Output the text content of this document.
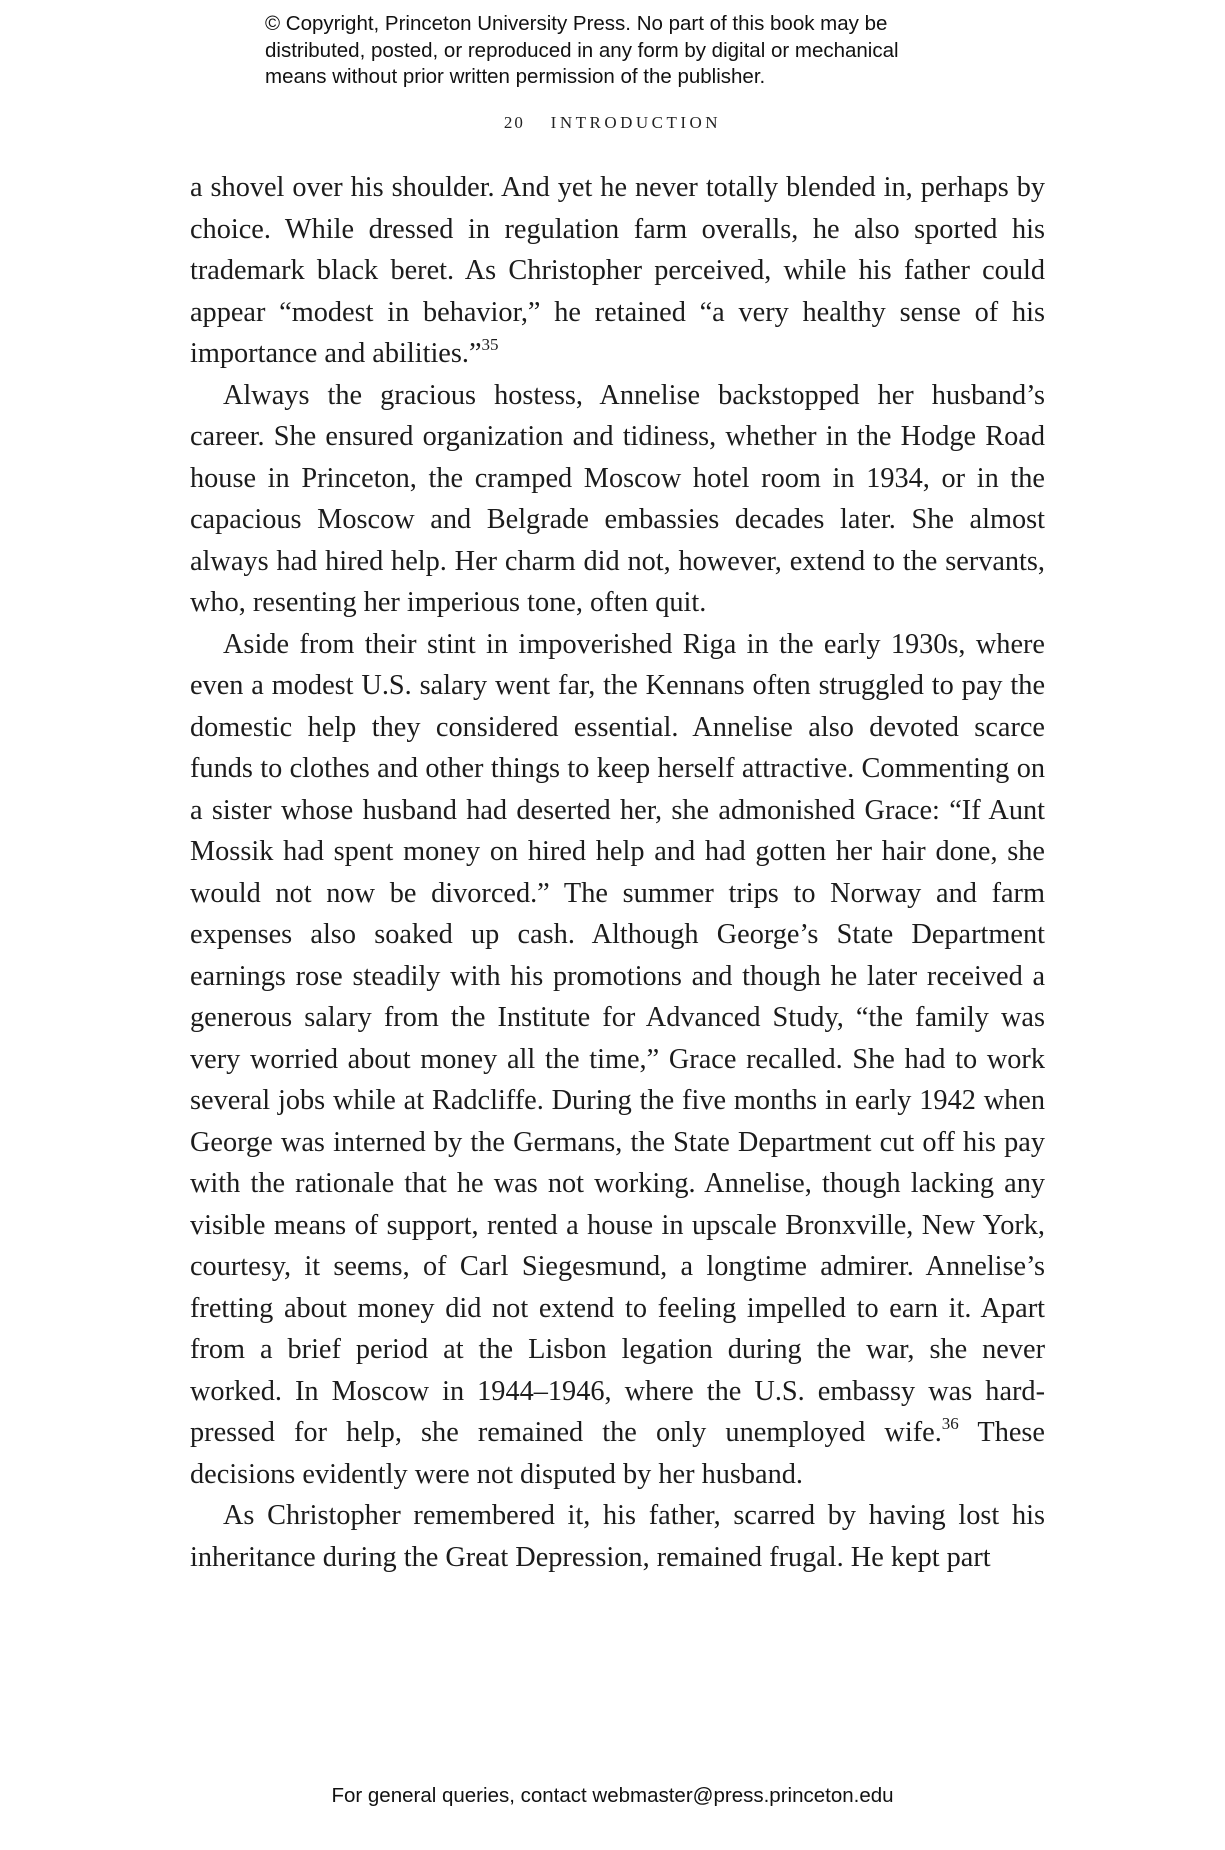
© Copyright, Princeton University Press. No part of this book may be
distributed, posted, or reproduced in any form by digital or mechanical
means without prior written permission of the publisher.
20 INTRODUCTION

a shovel over his shoulder. And yet he never totally blended in, perhaps by choice. While dressed in regulation farm overalls, he also sported his trademark black beret. As Christopher perceived, while his father could appear “modest in behavior,” he retained “a very healthy sense of his importance and abilities.”$^{35}$

Always the gracious hostess, Annelise backstopped her husband’s career. She ensured organization and tidiness, whether in the Hodge Road house in Princeton, the cramped Moscow hotel room in 1934, or in the capacious Moscow and Belgrade embassies decades later. She almost always had hired help. Her charm did not, however, extend to the servants, who, resenting her imperious tone, often quit.

Aside from their stint in impoverished Riga in the early 1930s, where even a modest U.S. salary went far, the Kennans often struggled to pay the domestic help they considered essential. Annelise also devoted scarce funds to clothes and other things to keep herself attractive. Commenting on a sister whose husband had deserted her, she admonished Grace: “If Aunt Mossik had spent money on hired help and had gotten her hair done, she would not now be divorced.” The summer trips to Norway and farm expenses also soaked up cash. Although George’s State Department earnings rose steadily with his promotions and though he later received a generous salary from the Institute for Advanced Study, “the family was very worried about money all the time,” Grace recalled. She had to work several jobs while at Radcliffe. During the five months in early 1942 when George was interned by the Germans, the State Department cut off his pay with the rationale that he was not working. Annelise, though lacking any visible means of support, rented a house in upscale Bronxville, New York, courtesy, it seems, of Carl Siegesmund, a longtime admirer. Annelise’s fretting about money did not extend to feeling impelled to earn it. Apart from a brief period at the Lisbon legation during the war, she never worked. In Moscow in 1944–1946, where the U.S. embassy was hard-pressed for help, she remained the only unemployed wife.$^{36}$ These decisions evidently were not disputed by her husband.

As Christopher remembered it, his father, scarred by having lost his inheritance during the Great Depression, remained frugal. He kept part

For general queries, contact webmaster@press.princeton.edu
